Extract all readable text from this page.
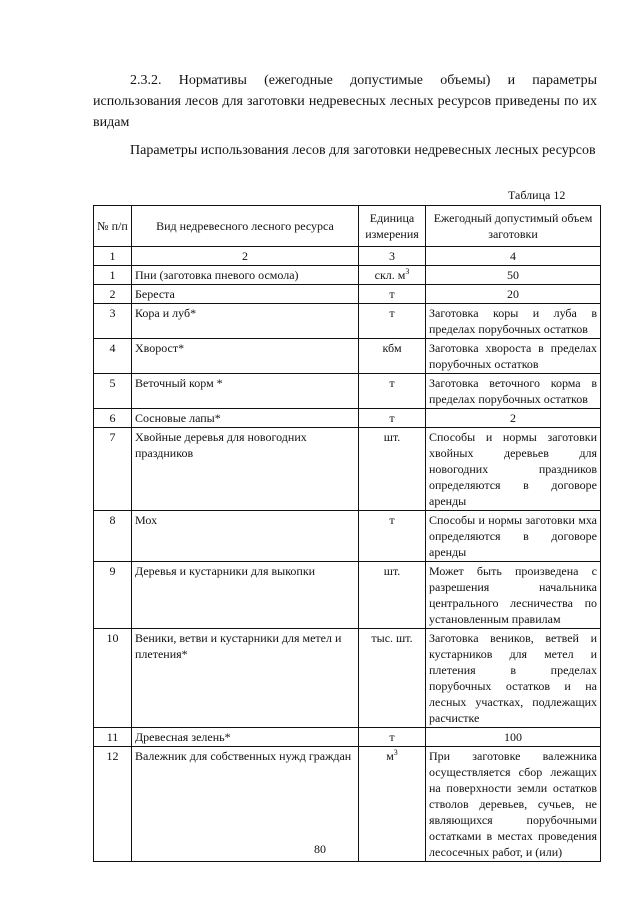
2.3.2. Нормативы (ежегодные допустимые объемы) и параметры использования лесов для заготовки недревесных лесных ресурсов приведены по их видам
Параметры использования лесов для заготовки недревесных лесных ресурсов
Таблица 12
№ п/п	Вид недревесного лесного ресурса	Единица измерения	Ежегодный допустимый объем заготовки
1	2	3	4
1	Пни (заготовка пневого осмола)	скл. $м^3$	50
2	Береста	т	20
3	Кора и луб*	т	Заготовка коры и луба в пределах порубочных остатков
4	Хворост*	кбм	Заготовка хвороста в пределах порубочных остатков
5	Веточный корм *	т	Заготовка веточного корма в пределах порубочных остатков
6	Сосновые лапы*	т	2
7	Хвойные деревья для новогодних праздников	шт.	Способы и нормы заготовки хвойных деревьев для новогодних праздников определяются в договоре аренды
8	Мох	т	Способы и нормы заготовки мха определяются в договоре аренды
9	Деревья и кустарники для выкопки	шт.	Может быть произведена с разрешения начальника центрального лесничества по установленным правилам
10	Веники, ветви и кустарники для метел и плетения*	тыс. шт.	Заготовка веников, ветвей и кустарников для метел и плетения в пределах порубочных остатков и на лесных участках, подлежащих расчистке
11	Древесная зелень*	т	100
12	Валежник для собственных нужд граждан	$м^3$	При заготовке валежника осуществляется сбор лежащих на поверхности земли остатков стволов деревьев, сучьев, не являющихся порубочными остатками в местах проведения лесосечных работ, и (или)
80
